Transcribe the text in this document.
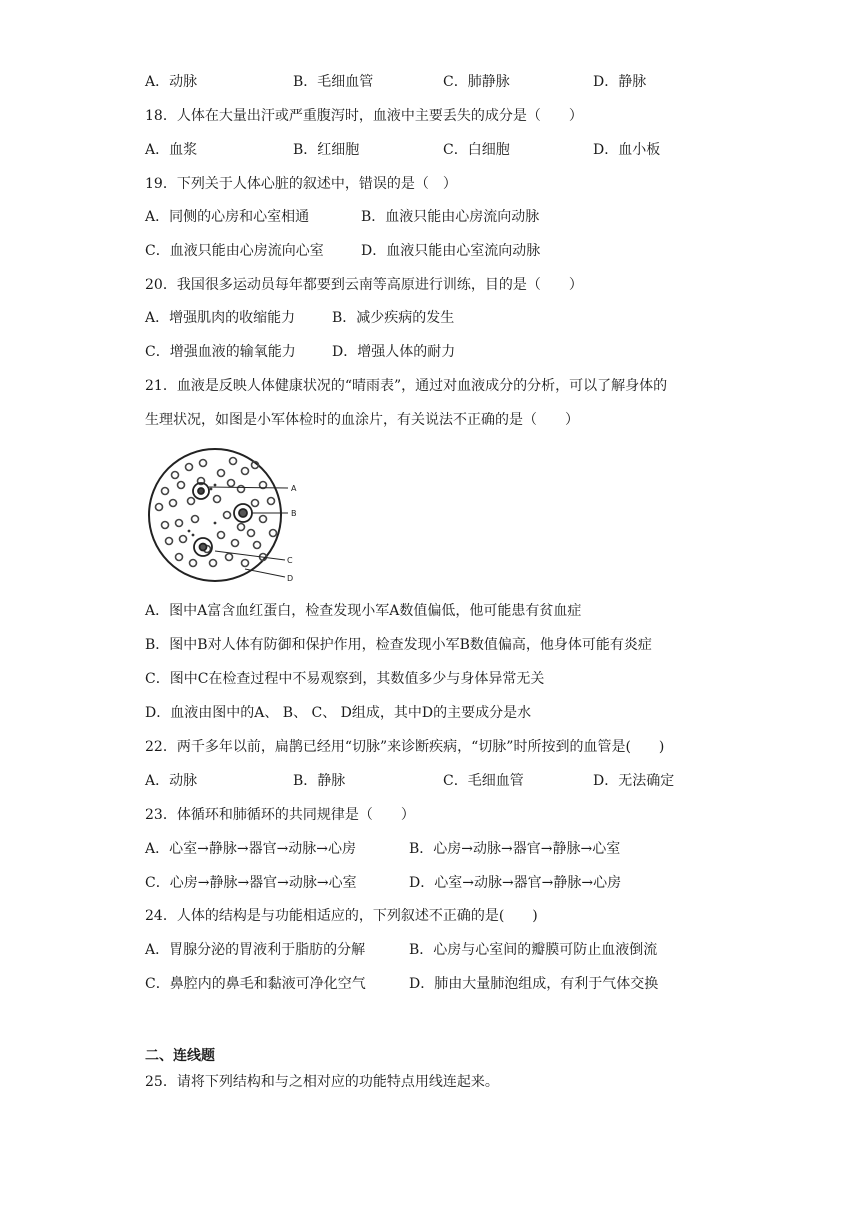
A．动脉	B．毛细血管	C．肺静脉	D．静脉
18．人体在大量出汗或严重腹泻时，血液中主要丢失的成分是（　　）
A．血浆	B．红细胞	C．白细胞	D．血小板
19．下列关于人体心脏的叙述中，错误的是（　）
A．同侧的心房和心室相通	B．血液只能由心房流向动脉
C．血液只能由心房流向心室	D．血液只能由心室流向动脉
20．我国很多运动员每年都要到云南等高原进行训练，目的是（　　）
A．增强肌肉的收缩能力	B．减少疾病的发生
C．增强血液的输氧能力	D．增强人体的耐力
21．血液是反映人体健康状况的“晴雨表”，通过对血液成分的分析，可以了解身体的
生理状况，如图是小军体检时的血涂片，有关说法不正确的是（　　）
A
B
C
D
A．图中A富含血红蛋白，检查发现小军A数值偏低，他可能患有贫血症
B．图中B对人体有防御和保护作用，检查发现小军B数值偏高，他身体可能有炎症
C．图中C在检查过程中不易观察到，其数值多少与身体异常无关
D．血液由图中的A、 B、 C、 D组成，其中D的主要成分是水
22．两千多年以前，扁鹊已经用“切脉”来诊断疾病，“切脉”时所按到的血管是(　　)
A．动脉	B．静脉	C．毛细血管	D．无法确定
23．体循环和肺循环的共同规律是（　　）
A．心室→静脉→器官→动脉→心房	B．心房→动脉→器官→静脉→心室
C．心房→静脉→器官→动脉→心室	D．心室→动脉→器官→静脉→心房
24．人体的结构是与功能相适应的，下列叙述不正确的是(　　)
A．胃腺分泌的胃液利于脂肪的分解	B．心房与心室间的瓣膜可防止血液倒流
C．鼻腔内的鼻毛和黏液可净化空气	D．肺由大量肺泡组成，有利于气体交换
二、连线题
25．请将下列结构和与之相对应的功能特点用线连起来。
